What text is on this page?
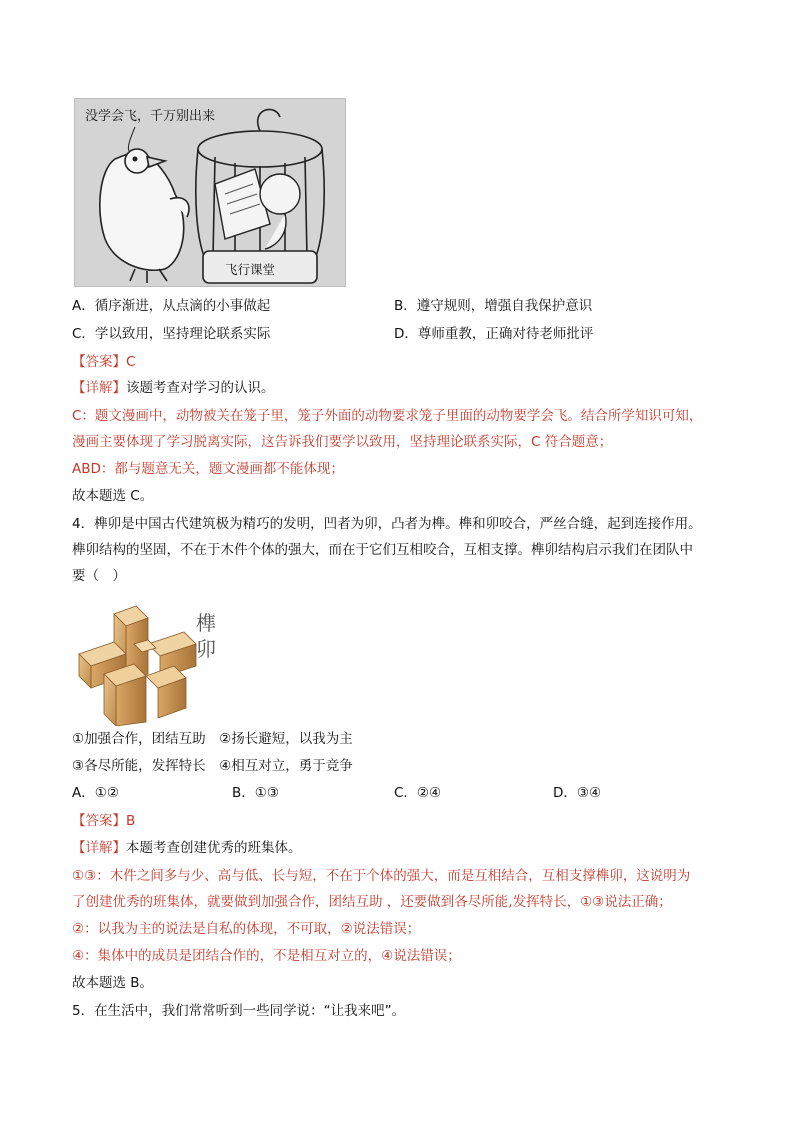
没学会飞，千万别出来
飞行课堂
A．循序渐进，从点滴的小事做起	B．遵守规则，增强自我保护意识
C．学以致用，坚持理论联系实际	D．尊师重教，正确对待老师批评
【答案】C
【详解】该题考查对学习的认识。
C：题文漫画中，动物被关在笼子里，笼子外面的动物要求笼子里面的动物要学会飞。结合所学知识可知，
漫画主要体现了学习脱离实际，这告诉我们要学以致用，坚持理论联系实际，C 符合题意；
ABD：都与题意无关，题文漫画都不能体现；
故本题选 C。
4．榫卯是中国古代建筑极为精巧的发明，凹者为卯，凸者为榫。榫和卯咬合，严丝合缝，起到连接作用。
榫卯结构的坚固，不在于木件个体的强大，而在于它们互相咬合，互相支撑。榫卯结构启示我们在团队中
要（　）
榫
卯
①加强合作，团结互助　②扬长避短，以我为主
③各尽所能，发挥特长　④相互对立，勇于竞争
A．①②	B．①③	C．②④	D．③④
【答案】B
【详解】本题考查创建优秀的班集体。
①③：木件之间多与少、高与低、长与短，不在于个体的强大，而是互相结合，互相支撑榫卯，这说明为
了创建优秀的班集体，就要做到加强合作，团结互助 ，还要做到各尽所能,发挥特长，①③说法正确；
②：以我为主的说法是自私的体现，不可取，②说法错误；
④：集体中的成员是团结合作的，不是相互对立的，④说法错误；
故本题选 B。
5．在生活中，我们常常听到一些同学说：“让我来吧”。
